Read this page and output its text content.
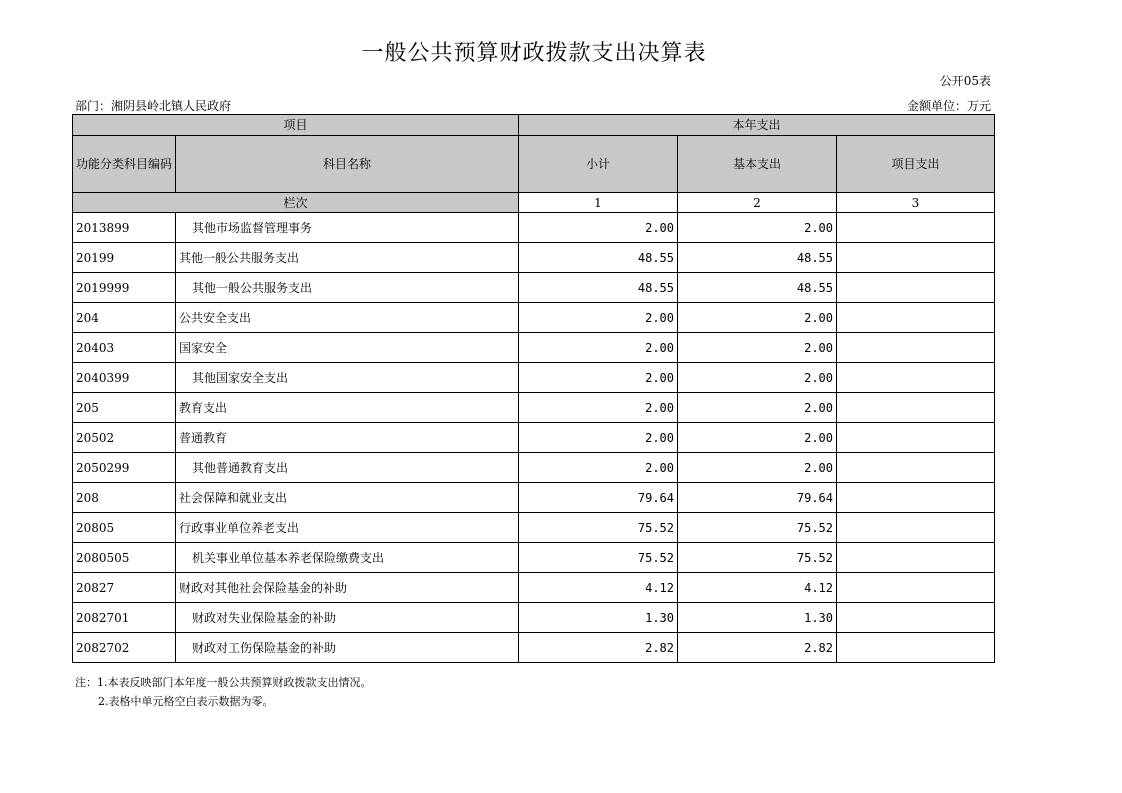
一般公共预算财政拨款支出决算表
公开05表
部门：湘阴县岭北镇人民政府	金额单位：万元
项目		本年支出		
功能分类科目编码	科目名称	小计	基本支出	项目支出
栏次		1	2	3
2013899	其他市场监督管理事务	2.00	2.00	
20199	其他一般公共服务支出	48.55	48.55	
2019999	其他一般公共服务支出	48.55	48.55	
204	公共安全支出	2.00	2.00	
20403	国家安全	2.00	2.00	
2040399	其他国家安全支出	2.00	2.00	
205	教育支出	2.00	2.00	
20502	普通教育	2.00	2.00	
2050299	其他普通教育支出	2.00	2.00	
208	社会保障和就业支出	79.64	79.64	
20805	行政事业单位养老支出	75.52	75.52	
2080505	机关事业单位基本养老保险缴费支出	75.52	75.52	
20827	财政对其他社会保险基金的补助	4.12	4.12	
2082701	财政对失业保险基金的补助	1.30	1.30	
2082702	财政对工伤保险基金的补助	2.82	2.82	
注：1.本表反映部门本年度一般公共预算财政拨款支出情况。
2.表格中单元格空白表示数据为零。
